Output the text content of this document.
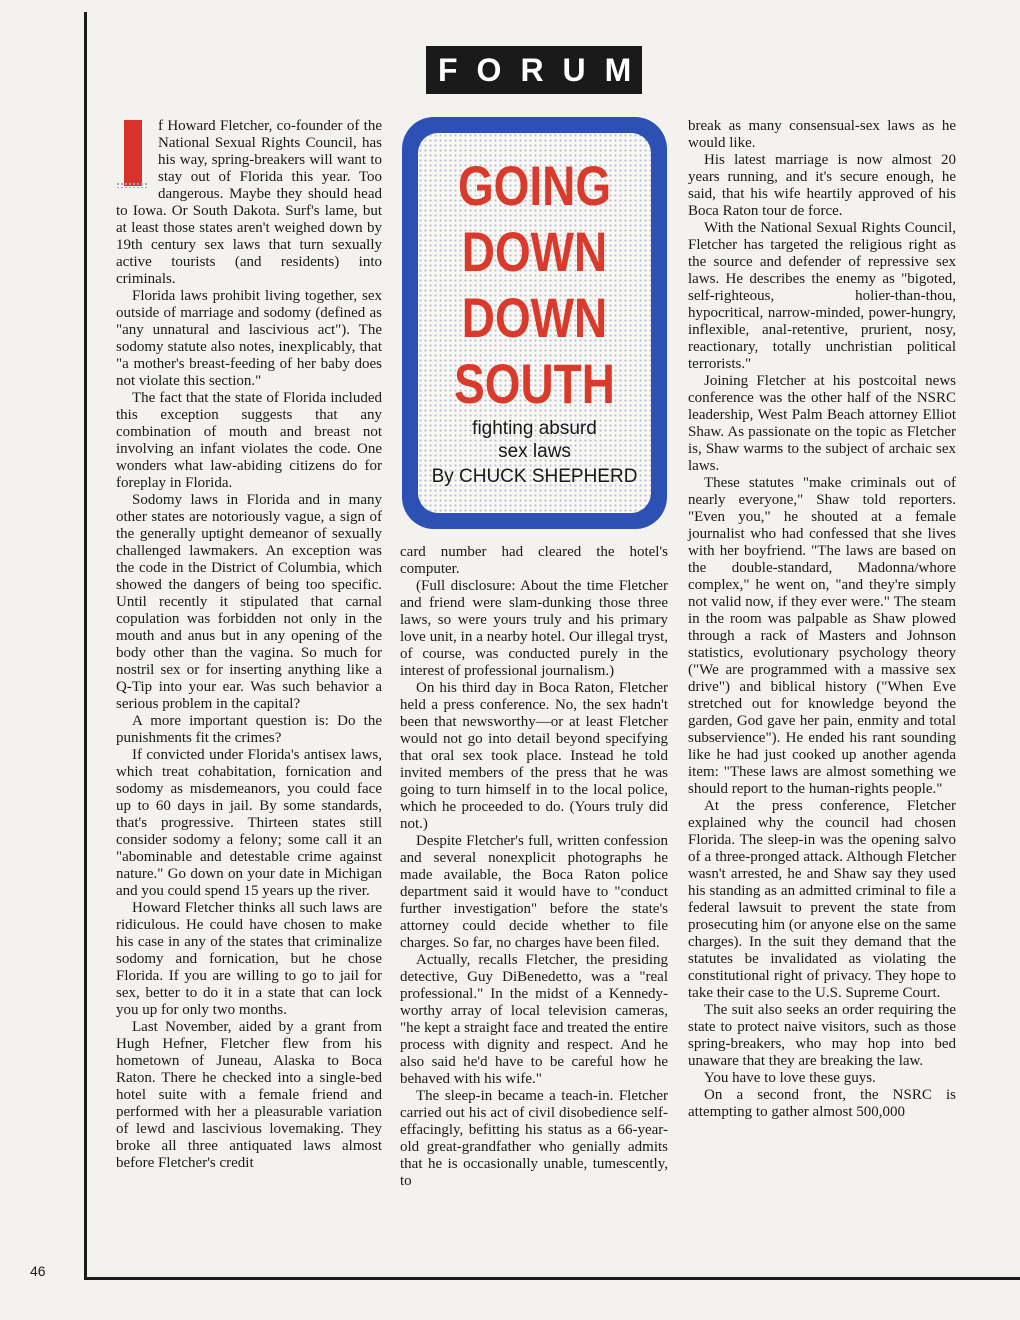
46
FORUM

f Howard Fletcher, co-founder of the National Sexual Rights Council, has his way, spring-breakers will want to stay out of Florida this year. Too dangerous. Maybe they should head to Iowa. Or South Dakota. Surf's lame, but at least those states aren't weighed down by 19th century sex laws that turn sexually active tourists (and residents) into criminals.

Florida laws prohibit living together, sex outside of marriage and sodomy (defined as "any unnatural and lascivious act"). The sodomy statute also notes, inexplicably, that "a mother's breast-feeding of her baby does not violate this section."

The fact that the state of Florida included this exception suggests that any combination of mouth and breast not involving an infant violates the code. One wonders what law-abiding citizens do for foreplay in Florida.

Sodomy laws in Florida and in many other states are notoriously vague, a sign of the generally uptight demeanor of sexually challenged lawmakers. An exception was the code in the District of Columbia, which showed the dangers of being too specific. Until recently it stipulated that carnal copulation was forbidden not only in the mouth and anus but in any opening of the body other than the vagina. So much for nostril sex or for inserting anything like a Q-Tip into your ear. Was such behavior a serious problem in the capital?

A more important question is: Do the punishments fit the crimes?

If convicted under Florida's antisex laws, which treat cohabitation, fornication and sodomy as misdemeanors, you could face up to 60 days in jail. By some standards, that's progressive. Thirteen states still consider sodomy a felony; some call it an "abominable and detestable crime against nature." Go down on your date in Michigan and you could spend 15 years up the river.

Howard Fletcher thinks all such laws are ridiculous. He could have chosen to make his case in any of the states that criminalize sodomy and fornication, but he chose Florida. If you are willing to go to jail for sex, better to do it in a state that can lock you up for only two months.

Last November, aided by a grant from Hugh Hefner, Fletcher flew from his hometown of Juneau, Alaska to Boca Raton. There he checked into a single-bed hotel suite with a female friend and performed with her a pleasurable variation of lewd and lascivious lovemaking. They broke all three antiquated laws almost before Fletcher's credit

GOING
DOWN
DOWN
SOUTH
fighting absurd
sex laws
By CHUCK SHEPHERD

card number had cleared the hotel's computer.

(Full disclosure: About the time Fletcher and friend were slam-dunking those three laws, so were yours truly and his primary love unit, in a nearby hotel. Our illegal tryst, of course, was conducted purely in the interest of professional journalism.)

On his third day in Boca Raton, Fletcher held a press conference. No, the sex hadn't been that newsworthy—or at least Fletcher would not go into detail beyond specifying that oral sex took place. Instead he told invited members of the press that he was going to turn himself in to the local police, which he proceeded to do. (Yours truly did not.)

Despite Fletcher's full, written confession and several nonexplicit photographs he made available, the Boca Raton police department said it would have to "conduct further investigation" before the state's attorney could decide whether to file charges. So far, no charges have been filed.

Actually, recalls Fletcher, the presiding detective, Guy DiBenedetto, was a "real professional." In the midst of a Kennedy-worthy array of local television cameras, "he kept a straight face and treated the entire process with dignity and respect. And he also said he'd have to be careful how he behaved with his wife."

The sleep-in became a teach-in. Fletcher carried out his act of civil disobedience self-effacingly, befitting his status as a 66-year-old great-grandfather who genially admits that he is occasionally unable, tumescently, to

break as many consensual-sex laws as he would like.

His latest marriage is now almost 20 years running, and it's secure enough, he said, that his wife heartily approved of his Boca Raton tour de force.

With the National Sexual Rights Council, Fletcher has targeted the religious right as the source and defender of repressive sex laws. He describes the enemy as "bigoted, self-righteous, holier-than-thou, hypocritical, narrow-minded, power-hungry, inflexible, anal-retentive, prurient, nosy, reactionary, totally unchristian political terrorists."

Joining Fletcher at his postcoital news conference was the other half of the NSRC leadership, West Palm Beach attorney Elliot Shaw. As passionate on the topic as Fletcher is, Shaw warms to the subject of archaic sex laws.

These statutes "make criminals out of nearly everyone," Shaw told reporters. "Even you," he shouted at a female journalist who had confessed that she lives with her boyfriend. "The laws are based on the double-standard, Madonna/whore complex," he went on, "and they're simply not valid now, if they ever were." The steam in the room was palpable as Shaw plowed through a rack of Masters and Johnson statistics, evolutionary psychology theory ("We are programmed with a massive sex drive") and biblical history ("When Eve stretched out for knowledge beyond the garden, God gave her pain, enmity and total subservience"). He ended his rant sounding like he had just cooked up another agenda item: "These laws are almost something we should report to the human-rights people."

At the press conference, Fletcher explained why the council had chosen Florida. The sleep-in was the opening salvo of a three-pronged attack. Although Fletcher wasn't arrested, he and Shaw say they used his standing as an admitted criminal to file a federal lawsuit to prevent the state from prosecuting him (or anyone else on the same charges). In the suit they demand that the statutes be invalidated as violating the constitutional right of privacy. They hope to take their case to the U.S. Supreme Court.

The suit also seeks an order requiring the state to protect naive visitors, such as those spring-breakers, who may hop into bed unaware that they are breaking the law.

You have to love these guys.

On a second front, the NSRC is attempting to gather almost 500,000
